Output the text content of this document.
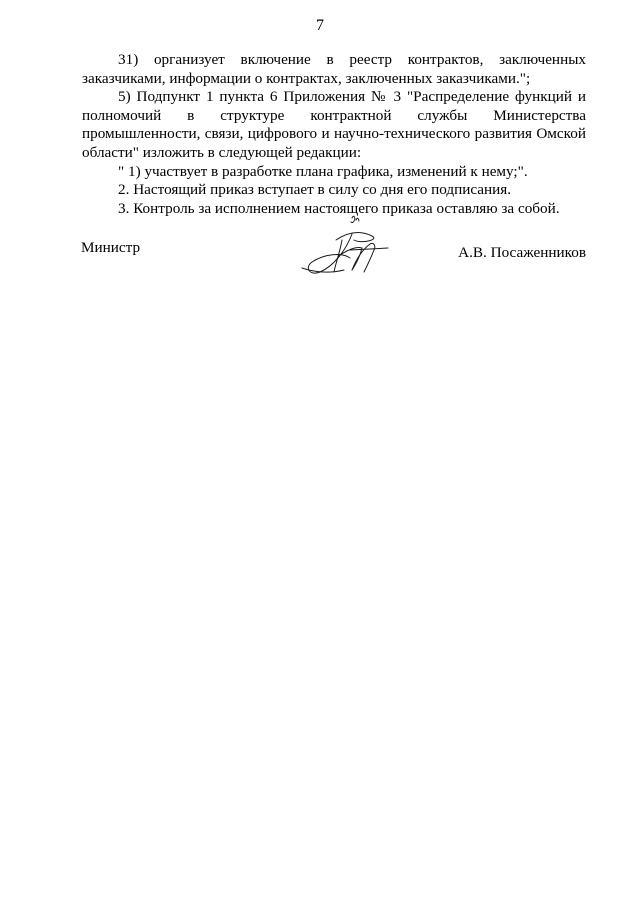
7

31) организует включение в реестр контрактов, заключенных заказчиками, информации о контрактах, заключенных заказчиками.";

5) Подпункт 1 пункта 6 Приложения № 3 "Распределение функций и полномочий в структуре контрактной службы Министерства промышленности, связи, цифрового и научно-технического развития Омской

области" изложить в следующей редакции:

" 1) участвует в разработке плана графика, изменений к нему;".

2. Настоящий приказ вступает в силу со дня его подписания.

3. Контроль за исполнением настоящего приказа оставляю за собой.

Министр	А.В. Посаженников
